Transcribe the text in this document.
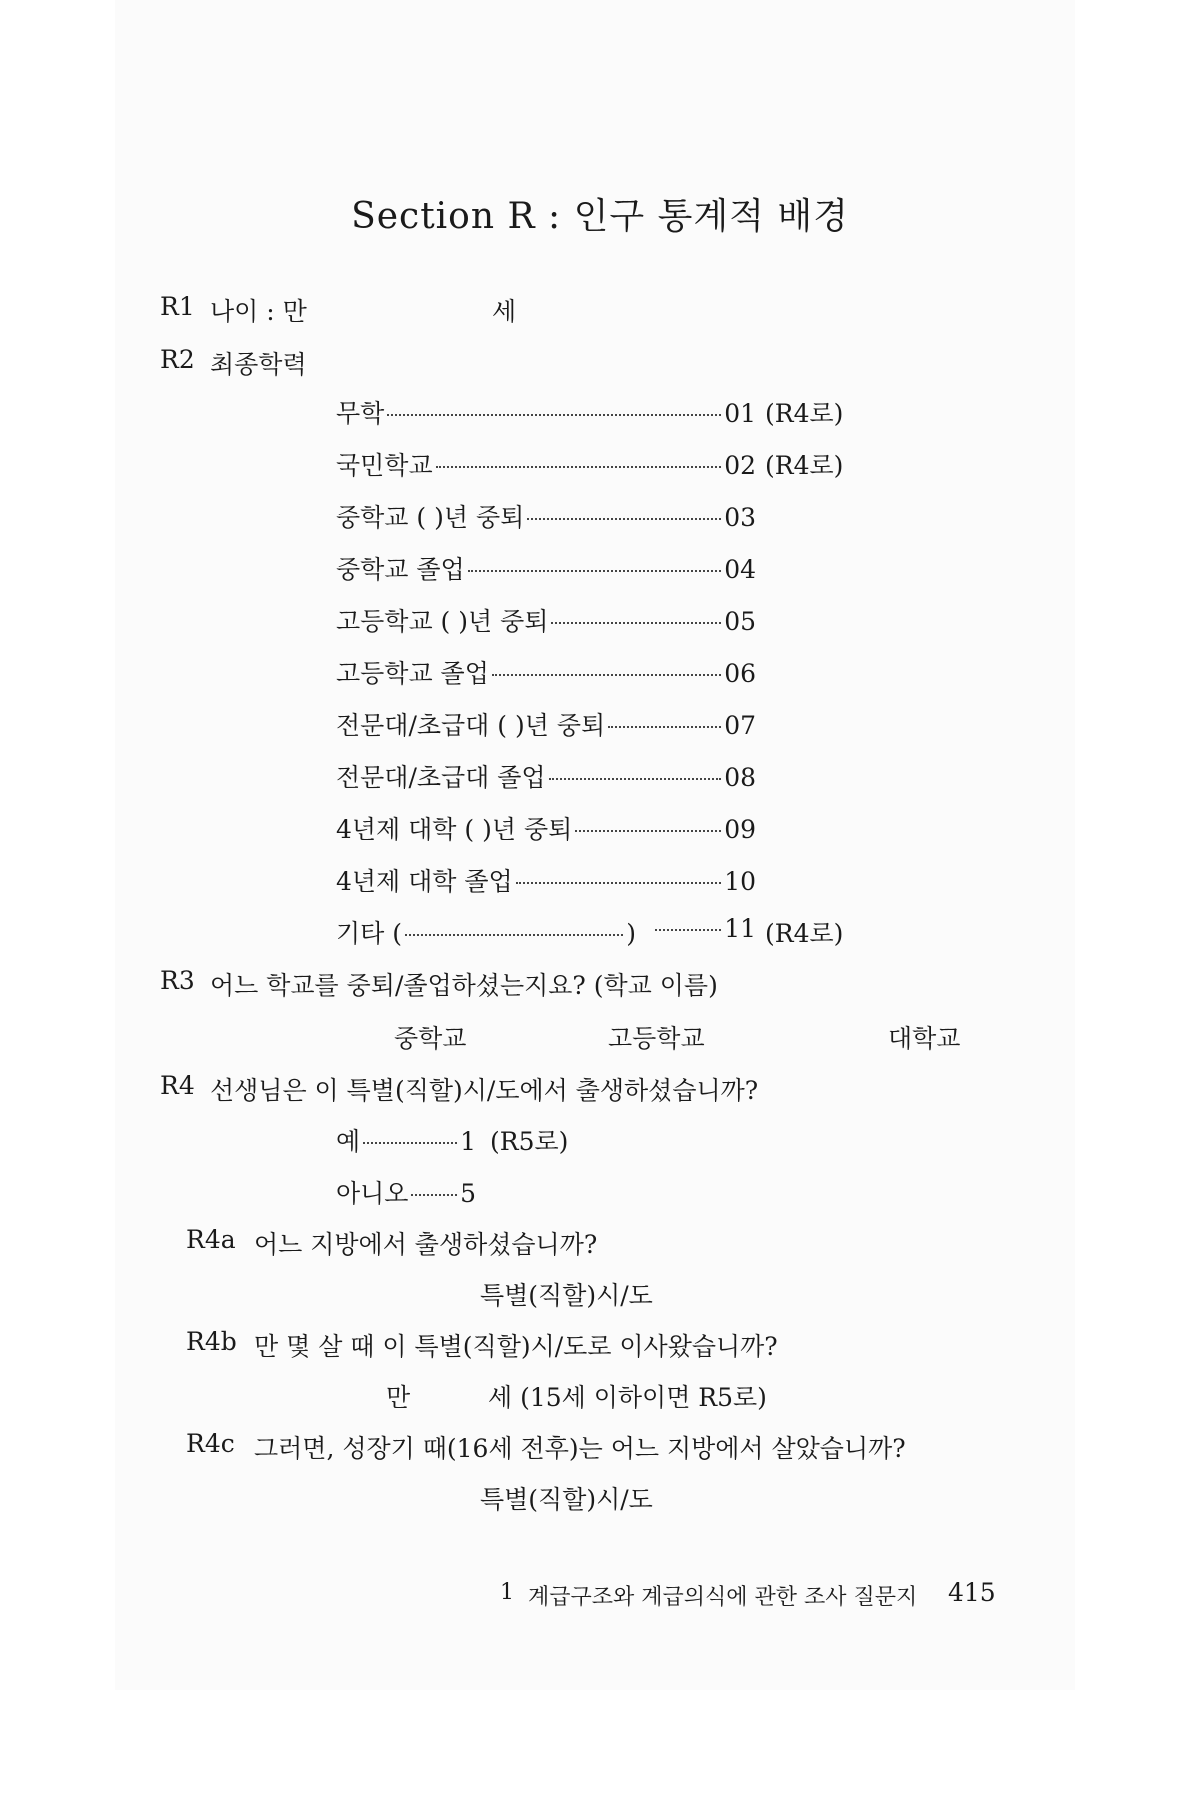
Section R : 인구 통계적 배경
R1 나이 : 만	세
R2 최종학력
무학	01 (R4로)
국민학교	02 (R4로)
중학교 ( )년 중퇴	03
중학교 졸업	04
고등학교 ( )년 중퇴	05
고등학교 졸업	06
전문대/초급대 ( )년 중퇴	07
전문대/초급대 졸업	08
4년제 대학 ( )년 중퇴	09
4년제 대학 졸업	10
기타 (	)	11 (R4로)
R3 어느 학교를 중퇴/졸업하셨는지요? (학교 이름)
중학교	고등학교	대학교
R4 선생님은 이 특별(직할)시/도에서 출생하셨습니까?
예	1 (R5로)
아니오 5
R4a 어느 지방에서 출생하셨습니까?
특별(직할)시/도
R4b 만 몇 살 때 이 특별(직할)시/도로 이사왔습니까?
만	세 (15세 이하이면 R5로)
R4c 그러면, 성장기 때(16세 전후)는 어느 지방에서 살았습니까?
특별(직할)시/도
1 계급구조와 계급의식에 관한 조사 질문지 415
